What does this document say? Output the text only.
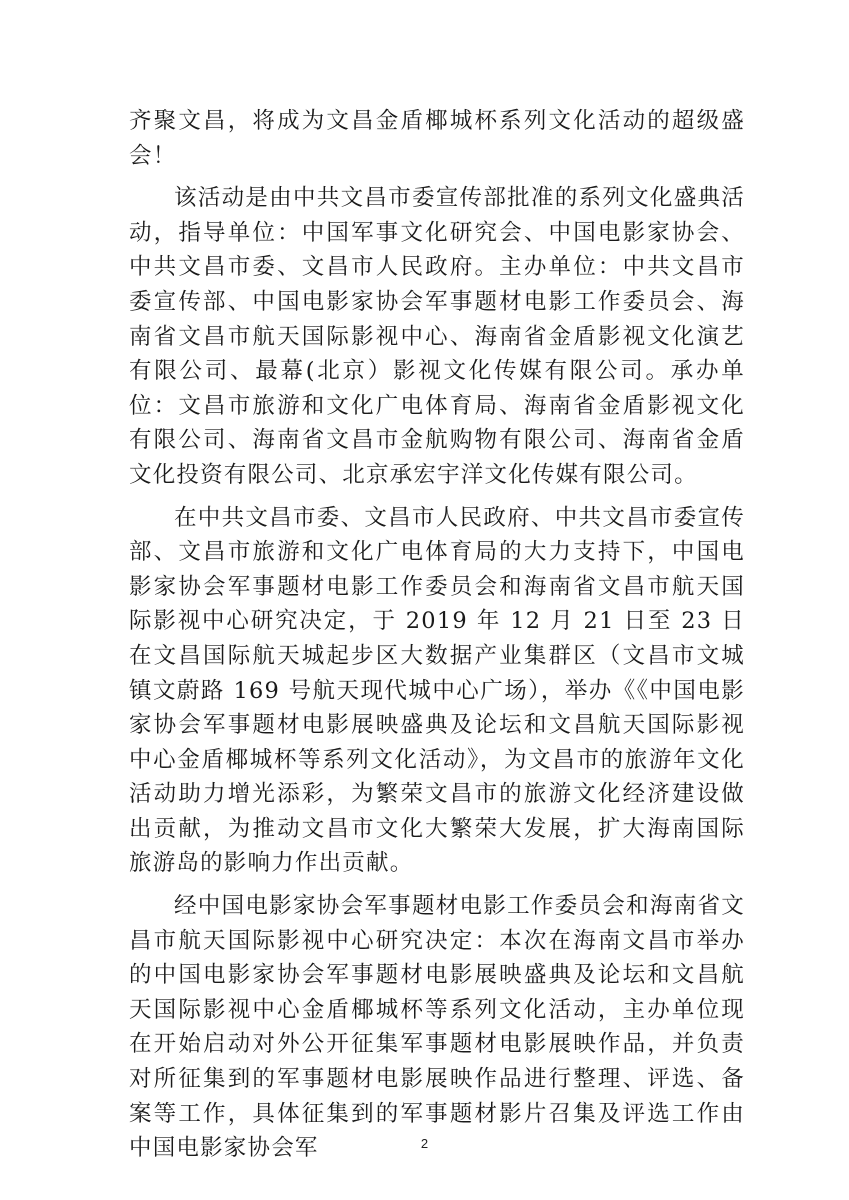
齐聚文昌，将成为文昌金盾椰城杯系列文化活动的超级盛会！

该活动是由中共文昌市委宣传部批准的系列文化盛典活动，指导单位：中国军事文化研究会、中国电影家协会、中共文昌市委、文昌市人民政府。主办单位：中共文昌市委宣传部、中国电影家协会军事题材电影工作委员会、海南省文昌市航天国际影视中心、海南省金盾影视文化演艺有限公司、最幕(北京）影视文化传媒有限公司。承办单位：文昌市旅游和文化广电体育局、海南省金盾影视文化有限公司、海南省文昌市金航购物有限公司、海南省金盾文化投资有限公司、北京承宏宇洋文化传媒有限公司。

在中共文昌市委、文昌市人民政府、中共文昌市委宣传部、文昌市旅游和文化广电体育局的大力支持下，中国电影家协会军事题材电影工作委员会和海南省文昌市航天国际影视中心研究决定，于 2019 年 12 月 21 日至 23 日在文昌国际航天城起步区大数据产业集群区（文昌市文城镇文蔚路 169 号航天现代城中心广场），举办《《中国电影家协会军事题材电影展映盛典及论坛和文昌航天国际影视中心金盾椰城杯等系列文化活动》，为文昌市的旅游年文化活动助力增光添彩，为繁荣文昌市的旅游文化经济建设做出贡献，为推动文昌市文化大繁荣大发展，扩大海南国际旅游岛的影响力作出贡献。

经中国电影家协会军事题材电影工作委员会和海南省文昌市航天国际影视中心研究决定：本次在海南文昌市举办的中国电影家协会军事题材电影展映盛典及论坛和文昌航天国际影视中心金盾椰城杯等系列文化活动，主办单位现在开始启动对外公开征集军事题材电影展映作品，并负责对所征集到的军事题材电影展映作品进行整理、评选、备案等工作，具体征集到的军事题材影片召集及评选工作由中国电影家协会军	2
